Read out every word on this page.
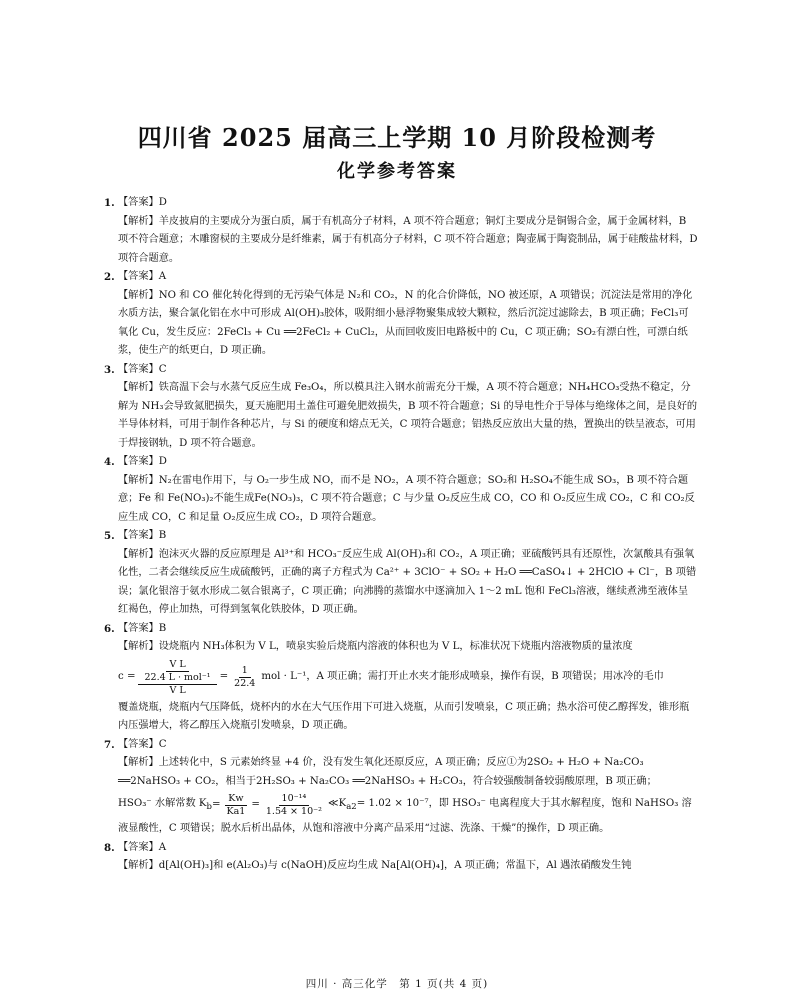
四川省 2025 届高三上学期 10 月阶段检测考
化学参考答案
1. 【答案】D
【解析】羊皮披肩的主要成分为蛋白质，属于有机高分子材料，A 项不符合题意；铜灯主要成分是铜锡合金，属于金属材料，B 项不符合题意；木雕窗棂的主要成分是纤维素，属于有机高分子材料，C 项不符合题意；陶壶属于陶瓷制品，属于硅酸盐材料，D 项符合题意。
2. 【答案】A
【解析】NO 和 CO 催化转化得到的无污染气体是 N₂和 CO₂，N 的化合价降低，NO 被还原，A 项错误；沉淀法是常用的净化水质方法，聚合氯化铝在水中可形成 Al(OH)₃胶体，吸附细小悬浮物聚集成较大颗粒，然后沉淀过滤除去，B 项正确；FeCl₃可氧化 Cu，发生反应：2FeCl₃ + Cu ══2FeCl₂ + CuCl₂，从而回收废旧电路板中的 Cu，C 项正确；SO₂有漂白性，可漂白纸浆，使生产的纸更白，D 项正确。
3. 【答案】C
【解析】铁高温下会与水蒸气反应生成 Fe₃O₄，所以模具注入钢水前需充分干燥，A 项不符合题意；NH₄HCO₃受热不稳定，分解为 NH₃会导致氮肥损失，夏天施肥用土盖住可避免肥效损失，B 项不符合题意；Si 的导电性介于导体与绝缘体之间，是良好的半导体材料，可用于制作各种芯片，与 Si 的硬度和熔点无关，C 项符合题意；铝热反应放出大量的热，置换出的铁呈液态，可用于焊接钢轨，D 项不符合题意。
4. 【答案】D
【解析】N₂在雷电作用下，与 O₂一步生成 NO，而不是 NO₂，A 项不符合题意；SO₂和 H₂SO₄不能生成 SO₃，B 项不符合题意；Fe 和 Fe(NO₃)₂不能生成Fe(NO₃)₃，C 项不符合题意；C 与少量 O₂反应生成 CO，CO 和 O₂反应生成 CO₂，C 和 CO₂反应生成 CO，C 和足量 O₂反应生成 CO₂，D 项符合题意。
5. 【答案】B
【解析】泡沫灭火器的反应原理是 Al³⁺和 HCO₃⁻反应生成 Al(OH)₃和 CO₂，A 项正确；亚硫酸钙具有还原性，次氯酸具有强氧化性，二者会继续反应生成硫酸钙，正确的离子方程式为 Ca²⁺ + 3ClO⁻ + SO₂ + H₂O ══CaSO₄↓ + 2HClO + Cl⁻，B 项错误；氯化银溶于氨水形成二氨合银离子，C 项正确；向沸腾的蒸馏水中逐滴加入 1～2 mL 饱和 FeCl₃溶液，继续煮沸至液体呈红褐色，停止加热，可得到氢氧化铁胶体，D 项正确。
6. 【答案】B
【解析】设烧瓶内 NH₃体积为 V L，喷泉实验后烧瓶内溶液的体积也为 V L，标准状况下烧瓶内溶液物质的量浓度
$c = \frac{\frac{\text{V L}}{\text{22.4 L · mol⁻¹}}}{\text{V L}} = \frac{1}{22.4}$ mol · L⁻¹，A 项正确；需打开止水夹才能形成喷泉，操作有误，B 项错误；用冰冷的毛巾
覆盖烧瓶，烧瓶内气压降低，烧杯内的水在大气压作用下可进入烧瓶，从而引发喷泉，C 项正确；热水浴可使乙醇挥发，锥形瓶内压强增大，将乙醇压入烧瓶引发喷泉，D 项正确。
7. 【答案】C
【解析】上述转化中，S 元素始终显 +4 价，没有发生氧化还原反应，A 项正确；反应①为2SO₂ + H₂O + Na₂CO₃ ══2NaHSO₃ + CO₂，相当于2H₂SO₃ + Na₂CO₃ ══2NaHSO₃ + H₂CO₃，符合较强酸制备较弱酸原理，B 项正确；
HSO₃⁻ 水解常数 $K_b = \frac{Kw}{Ka1} = \frac{\text{10⁻¹⁴}}{\text{1.54 × 10⁻²}}$ $≪K_{a2}= 1.02 \times 10^{-7}$，即 HSO₃⁻ 电离程度大于其水解程度，饱和 NaHSO₃ 溶
液显酸性，C 项错误；脱水后析出晶体，从饱和溶液中分离产品采用“过滤、洗涤、干燥”的操作，D 项正确。
8. 【答案】A
【解析】d[Al(OH)₃]和 e(Al₂O₃)与 c(NaOH)反应均生成 Na[Al(OH)₄]，A 项正确；常温下，Al 遇浓硝酸发生钝
四川 · 高三化学　第 1 页(共 4 页)
